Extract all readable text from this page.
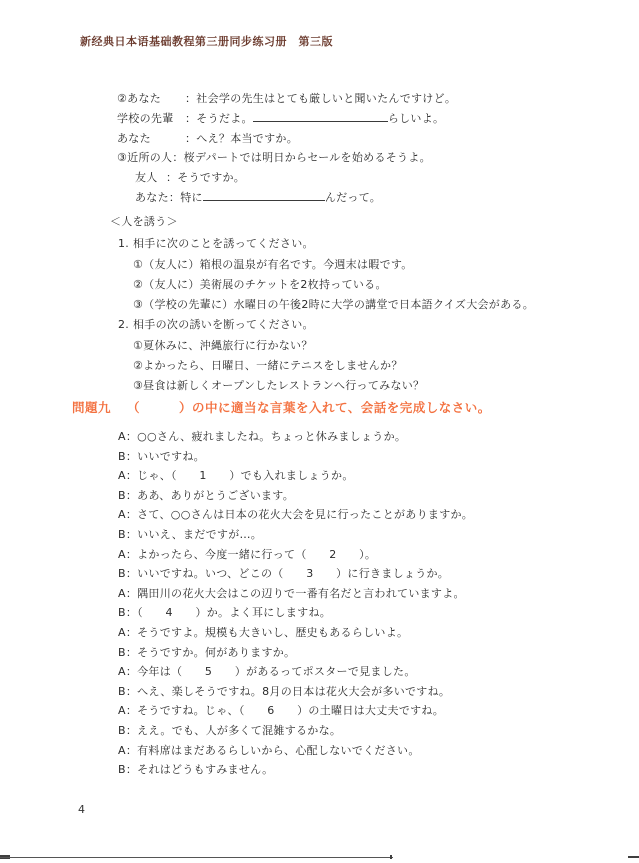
新经典日本语基础教程第三册同步练习册　第三版
②あなた	：社会学の先生はとても厳しいと聞いたんですけど。
学校の先輩	：そうだよ。	らしいよ。
あなた	：へえ？本当ですか。
③近所の人 ：桜デパートでは明日からセールを始めるそうよ。
友人 ：そうですか。
あなた ：特に	んだって。
＜人を誘う＞
1. 相手に次のことを誘ってください。
①（友人に）箱根の温泉が有名です。今週末は暇です。
②（友人に）美術展のチケットを2枚持っている。
③（学校の先輩に）水曜日の午後2時に大学の講堂で日本語クイズ大会がある。
2. 相手の次の誘いを断ってください。
①夏休みに、沖縄旅行に行かない？
②よかったら、日曜日、一緒にテニスをしませんか？
③昼食は新しくオープンしたレストランへ行ってみない？
問題九 （　　　）の中に適当な言葉を入れて、会話を完成しなさい。
A：○○さん、疲れましたね。ちょっと休みましょうか。
B：いいですね。
A：じゃ、（　　1　　）でも入れましょうか。
B：ああ、ありがとうございます。
A：さて、○○さんは日本の花火大会を見に行ったことがありますか。
B：いいえ、まだですが…。
A：よかったら、今度一緒に行って（　　2　　）。
B：いいですね。いつ、どこの（　　3　　）に行きましょうか。
A：隅田川の花火大会はこの辺りで一番有名だと言われていますよ。
B：（　　4　　）か。よく耳にしますね。
A：そうですよ。規模も大きいし、歴史もあるらしいよ。
B：そうですか。何がありますか。
A：今年は（　　5　　）があるってポスターで見ました。
B：へえ、楽しそうですね。8月の日本は花火大会が多いですね。
A：そうですね。じゃ、（　　6　　）の土曜日は大丈夫ですね。
B：ええ。でも、人が多くて混雑するかな。
A：有料席はまだあるらしいから、心配しないでください。
B：それはどうもすみません。
4
